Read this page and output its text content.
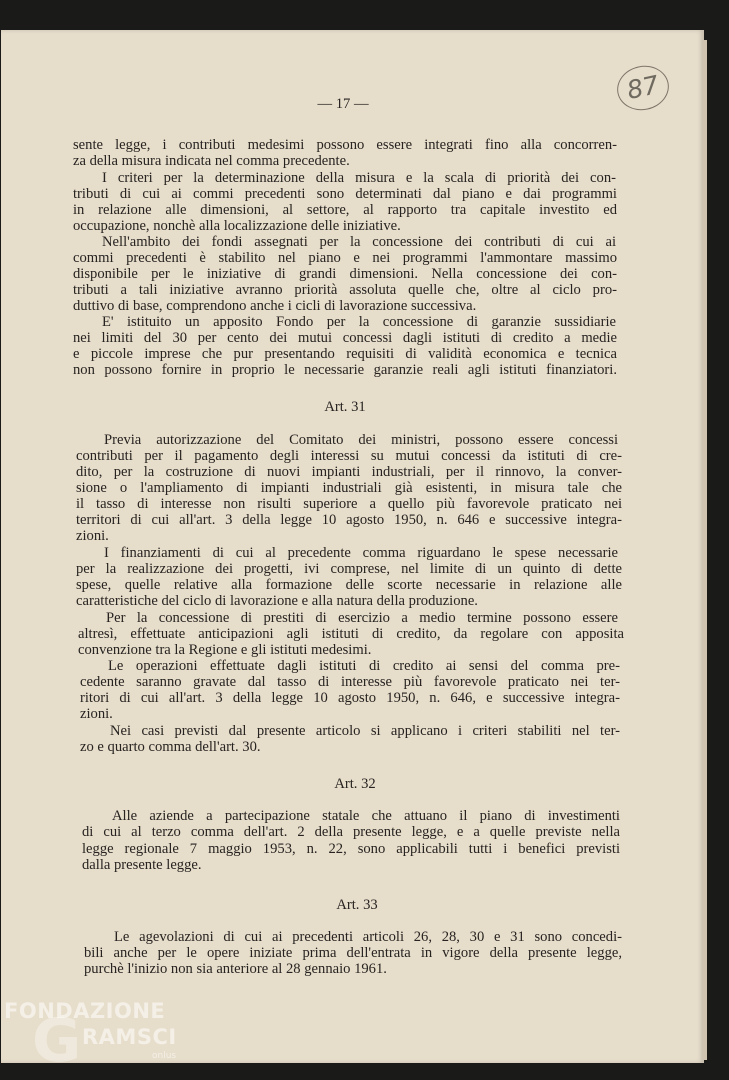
87
— 17 —
sente legge, i contributi medesimi possono essere integrati fino alla concorren-
za della misura indicata nel comma precedente.
I criteri per la determinazione della misura e la scala di priorità dei con-
tributi di cui ai commi precedenti sono determinati dal piano e dai programmi
in relazione alle dimensioni, al settore, al rapporto tra capitale investito ed
occupazione, nonchè alla localizzazione delle iniziative.
Nell'ambito dei fondi assegnati per la concessione dei contributi di cui ai
commi precedenti è stabilito nel piano e nei programmi l'ammontare massimo
disponibile per le iniziative di grandi dimensioni. Nella concessione dei con-
tributi a tali iniziative avranno priorità assoluta quelle che, oltre al ciclo pro-
duttivo di base, comprendono anche i cicli di lavorazione successiva.
E' istituito un apposito Fondo per la concessione di garanzie sussidiarie
nei limiti del 30 per cento dei mutui concessi dagli istituti di credito a medie
e piccole imprese che pur presentando requisiti di validità economica e tecnica
non possono fornire in proprio le necessarie garanzie reali agli istituti finanziatori.
Art. 31
Previa autorizzazione del Comitato dei ministri, possono essere concessi
contributi per il pagamento degli interessi su mutui concessi da istituti di cre-
dito, per la costruzione di nuovi impianti industriali, per il rinnovo, la conver-
sione o l'ampliamento di impianti industriali già esistenti, in misura tale che
il tasso di interesse non risulti superiore a quello più favorevole praticato nei
territori di cui all'art. 3 della legge 10 agosto 1950, n. 646 e successive integra-
zioni.
I finanziamenti di cui al precedente comma riguardano le spese necessarie
per la realizzazione dei progetti, ivi comprese, nel limite di un quinto di dette
spese, quelle relative alla formazione delle scorte necessarie in relazione alle
caratteristiche del ciclo di lavorazione e alla natura della produzione.
Per la concessione di prestiti di esercizio a medio termine possono essere
altresì, effettuate anticipazioni agli istituti di credito, da regolare con apposita
convenzione tra la Regione e gli istituti medesimi.
Le operazioni effettuate dagli istituti di credito ai sensi del comma pre-
cedente saranno gravate dal tasso di interesse più favorevole praticato nei ter-
ritori di cui all'art. 3 della legge 10 agosto 1950, n. 646, e successive integra-
zioni.
Nei casi previsti dal presente articolo si applicano i criteri stabiliti nel ter-
zo e quarto comma dell'art. 30.
Art. 32
Alle aziende a partecipazione statale che attuano il piano di investimenti
di cui al terzo comma dell'art. 2 della presente legge, e a quelle previste nella
legge regionale 7 maggio 1953, n. 22, sono applicabili tutti i benefici previsti
dalla presente legge.
Art. 33
Le agevolazioni di cui ai precedenti articoli 26, 28, 30 e 31 sono concedi-
bili anche per le opere iniziate prima dell'entrata in vigore della presente legge,
purchè l'inizio non sia anteriore al 28 gennaio 1961.
FONDAZIONE
G RAMSCI
onlus
